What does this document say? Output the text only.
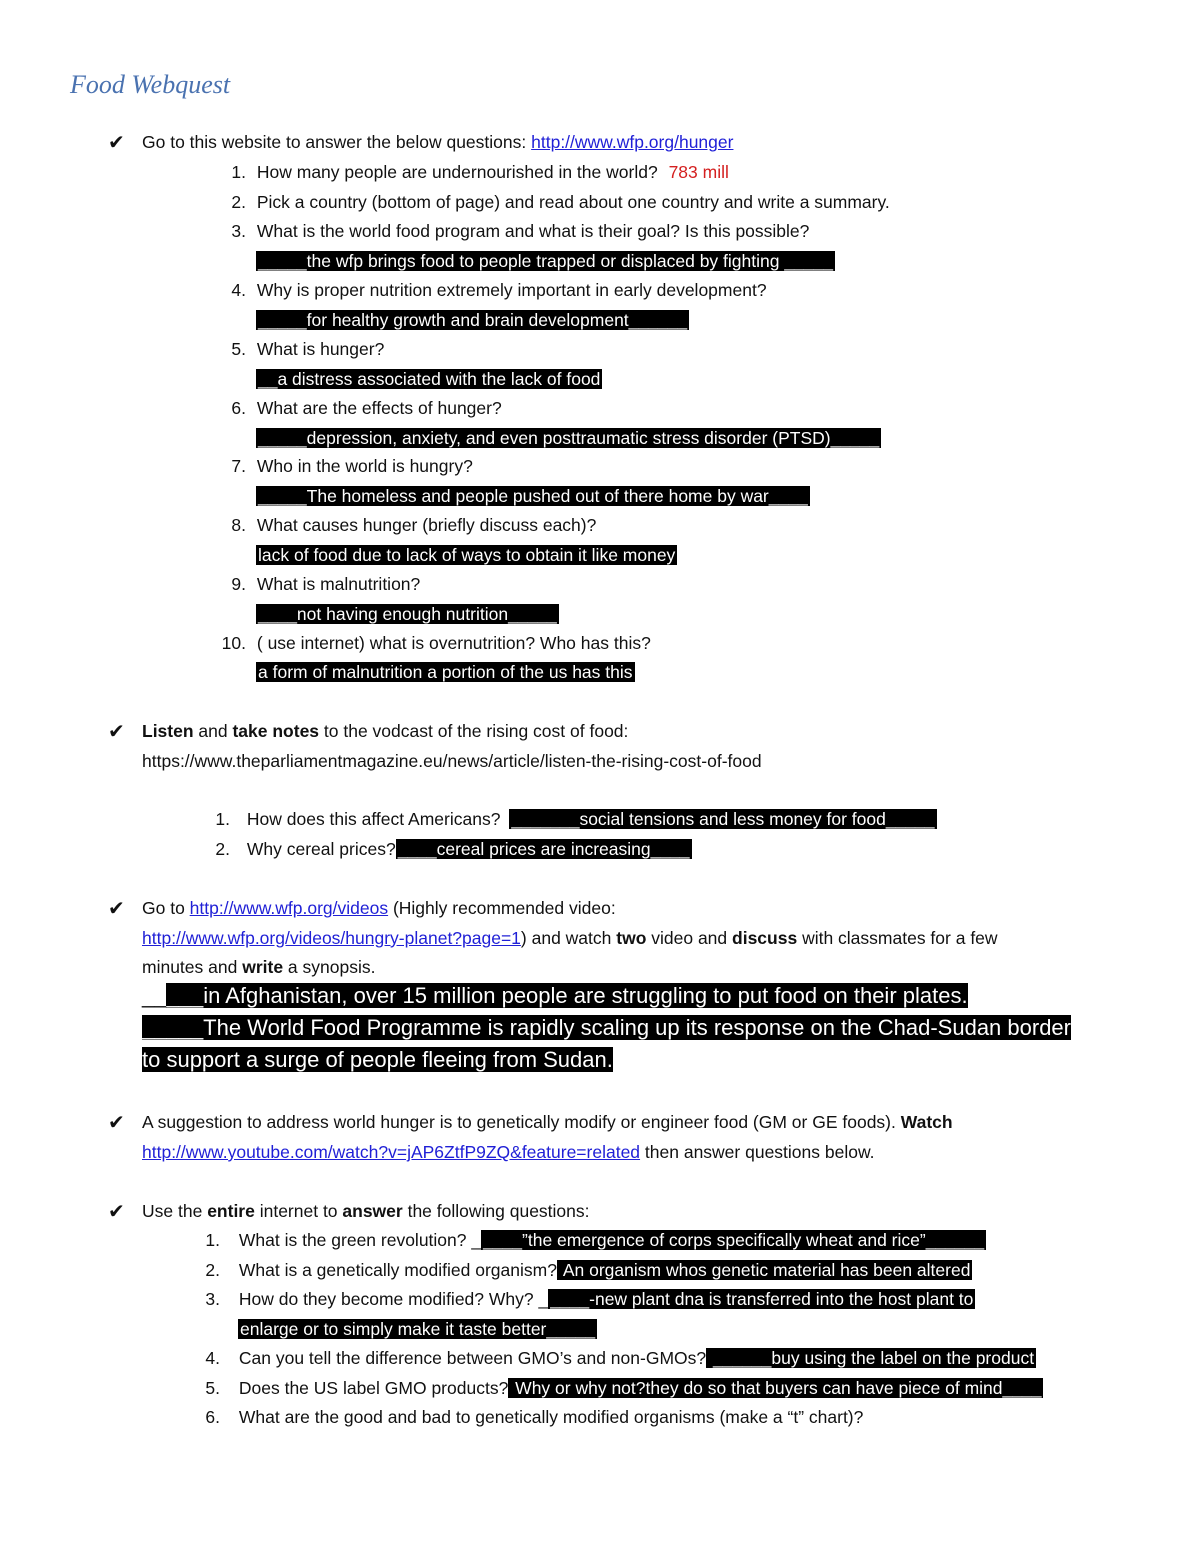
Food Webquest
✔ Go to this website to answer the below questions: http://www.wfp.org/hunger
1. How many people are undernourished in the world? 783 mill
2. Pick a country (bottom of page) and read about one country and write a summary.
3. What is the world food program and what is their goal? Is this possible?
_____the wfp brings food to people trapped or displaced by fighting _____
4. Why is proper nutrition extremely important in early development?
_____for healthy growth and brain development______
5. What is hunger?
__a distress associated with the lack of food
6. What are the effects of hunger?
_____depression, anxiety, and even posttraumatic stress disorder (PTSD)_____
7. Who in the world is hungry?
_____The homeless and people pushed out of there home by war____
8. What causes hunger (briefly discuss each)?
lack of food due to lack of ways to obtain it like money
9. What is malnutrition?
____not having enough nutrition_____
10. ( use internet) what is overnutrition? Who has this?
a form of malnutrition a portion of the us has this
✔ Listen and take notes to the vodcast of the rising cost of food:
https://www.theparliamentmagazine.eu/news/article/listen-the-rising-cost-of-food
1. How does this affect Americans? _______social tensions and less money for food_____
2. Why cereal prices? ____cereal prices are increasing____
✔ Go to http://www.wfp.org/videos (Highly recommended video:
http://www.wfp.org/videos/hungry-planet?page=1) and watch two video and discuss with classmates for a few
minutes and write a synopsis.
_____in Afghanistan, over 15 million people are struggling to put food on their plates.
_____The World Food Programme is rapidly scaling up its response on the Chad-Sudan border
to support a surge of people fleeing from Sudan.
✔ A suggestion to address world hunger is to genetically modify or engineer food (GM or GE foods). Watch
http://www.youtube.com/watch?v=jAP6ZtfP9ZQ&feature=related then answer questions below.
✔ Use the entire internet to answer the following questions:
1. What is the green revolution? _ ____”the emergence of corps specifically wheat and rice”______
2. What is a genetically modified organism? An organism whos genetic material has been altered
3. How do they become modified? Why? _ ____-new plant dna is transferred into the host plant to
enlarge or to simply make it taste better_____
4. Can you tell the difference between GMO’s and non-GMOs? ______buy using the label on the product
5. Does the US label GMO products? Why or why not?they do so that buyers can have piece of mind____
6. What are the good and bad to genetically modified organisms (make a “t” chart)?
